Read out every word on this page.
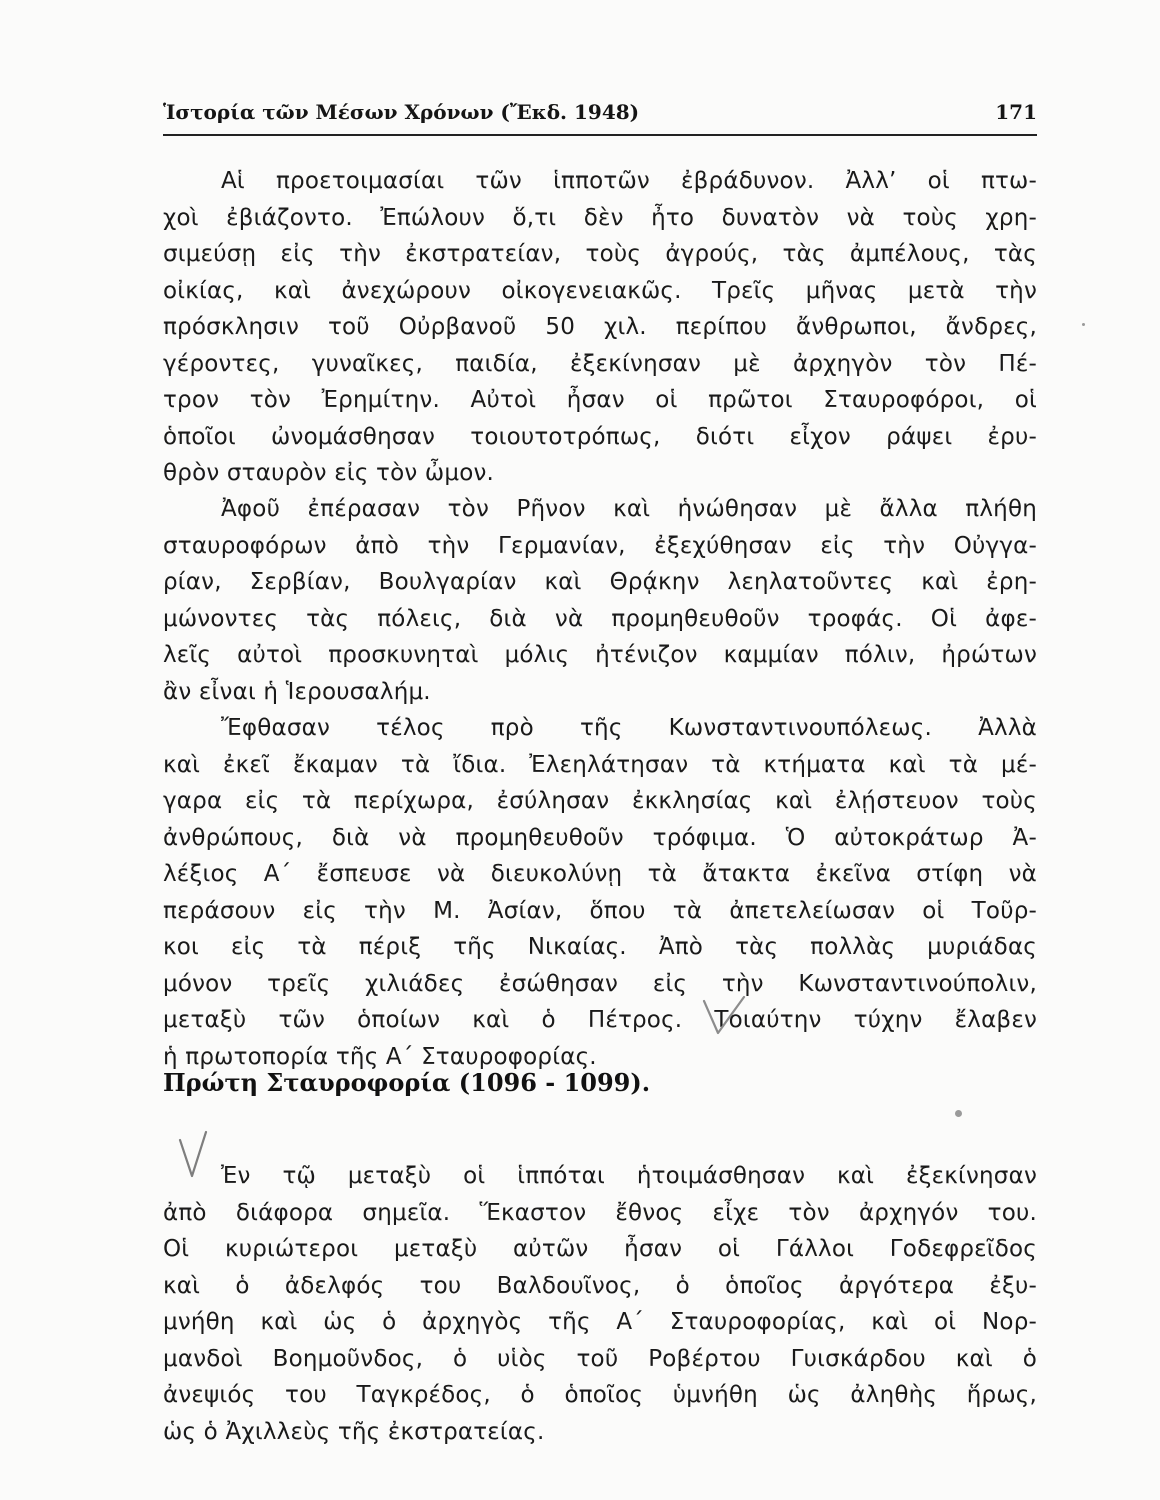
Ἱστορία τῶν Μέσων Χρόνων (Ἔκδ. 1948)	171
Αἱ προετοιμασίαι τῶν ἱπποτῶν ἐβράδυνον. Ἀλλ’ οἱ πτω-
χοὶ ἐβιάζοντο. Ἐπώλουν ὅ,τι δὲν ἦτο δυνατὸν νὰ τοὺς χρη-
σιμεύσῃ εἰς τὴν ἐκστρατείαν, τοὺς ἀγρούς, τὰς ἀμπέλους, τὰς
οἰκίας, καὶ ἀνεχώρουν οἰκογενειακῶς. Τρεῖς μῆνας μετὰ τὴν
πρόσκλησιν τοῦ Οὐρβανοῦ 50 χιλ. περίπου ἄνθρωποι, ἄνδρες,
γέροντες, γυναῖκες, παιδία, ἐξεκίνησαν μὲ ἀρχηγὸν τὸν Πέ-
τρον τὸν Ἐρημίτην. Αὐτοὶ ἦσαν οἱ πρῶτοι Σταυροφόροι, οἱ
ὁποῖοι ὠνομάσθησαν τοιουτοτρόπως, διότι εἶχον ράψει ἐρυ-
θρὸν σταυρὸν εἰς τὸν ὦμον.
Ἀφοῦ ἐπέρασαν τὸν Ρῆνον καὶ ἡνώθησαν μὲ ἄλλα πλήθη
σταυροφόρων ἀπὸ τὴν Γερμανίαν, ἐξεχύθησαν εἰς τὴν Οὐγγα-
ρίαν, Σερβίαν, Βουλγαρίαν καὶ Θρᾴκην λεηλατοῦντες καὶ ἐρη-
μώνοντες τὰς πόλεις, διὰ νὰ προμηθευθοῦν τροφάς. Οἱ ἀφε-
λεῖς αὐτοὶ προσκυνηταὶ μόλις ἠτένιζον καμμίαν πόλιν, ἠρώτων
ἂν εἶναι ἡ Ἱερουσαλήμ.
Ἔφθασαν τέλος πρὸ τῆς Κωνσταντινουπόλεως. Ἀλλὰ
καὶ ἐκεῖ ἔκαμαν τὰ ἴδια. Ἐλεηλάτησαν τὰ κτήματα καὶ τὰ μέ-
γαρα εἰς τὰ περίχωρα, ἐσύλησαν ἐκκλησίας καὶ ἐλῄστευον τοὺς
ἀνθρώπους, διὰ νὰ προμηθευθοῦν τρόφιμα. Ὁ αὐτοκράτωρ Ἀ-
λέξιος Α΄ ἔσπευσε νὰ διευκολύνῃ τὰ ἄτακτα ἐκεῖνα στίφη νὰ
περάσουν εἰς τὴν Μ. Ἀσίαν, ὅπου τὰ ἀπετελείωσαν οἱ Τοῦρ-
κοι εἰς τὰ πέριξ τῆς Νικαίας. Ἀπὸ τὰς πολλὰς μυριάδας
μόνον τρεῖς χιλιάδες ἐσώθησαν εἰς τὴν Κωνσταντινούπολιν,
μεταξὺ τῶν ὁποίων καὶ ὁ Πέτρος. Τοιαύτην τύχην ἔλαβεν
ἡ πρωτοπορία τῆς Α΄ Σταυροφορίας.
Πρώτη Σταυροφορία (1096 - 1099).
Ἐν τῷ μεταξὺ οἱ ἱππόται ἡτοιμάσθησαν καὶ ἐξεκίνησαν
ἀπὸ διάφορα σημεῖα. Ἕκαστον ἔθνος εἶχε τὸν ἀρχηγόν του.
Οἱ κυριώτεροι μεταξὺ αὐτῶν ἦσαν οἱ Γάλλοι Γοδεφρεῖδος
καὶ ὁ ἀδελφός του Βαλδουῖνος, ὁ ὁποῖος ἀργότερα ἐξυ-
μνήθη καὶ ὡς ὁ ἀρχηγὸς τῆς Α΄ Σταυροφορίας, καὶ οἱ Νορ-
μανδοὶ Βοημοῦνδος, ὁ υἱὸς τοῦ Ροβέρτου Γυισκάρδου καὶ ὁ
ἀνεψιός του Ταγκρέδος, ὁ ὁποῖος ὑμνήθη ὡς ἀληθὴς ἥρως,
ὡς ὁ Ἀχιλλεὺς τῆς ἐκστρατείας.
